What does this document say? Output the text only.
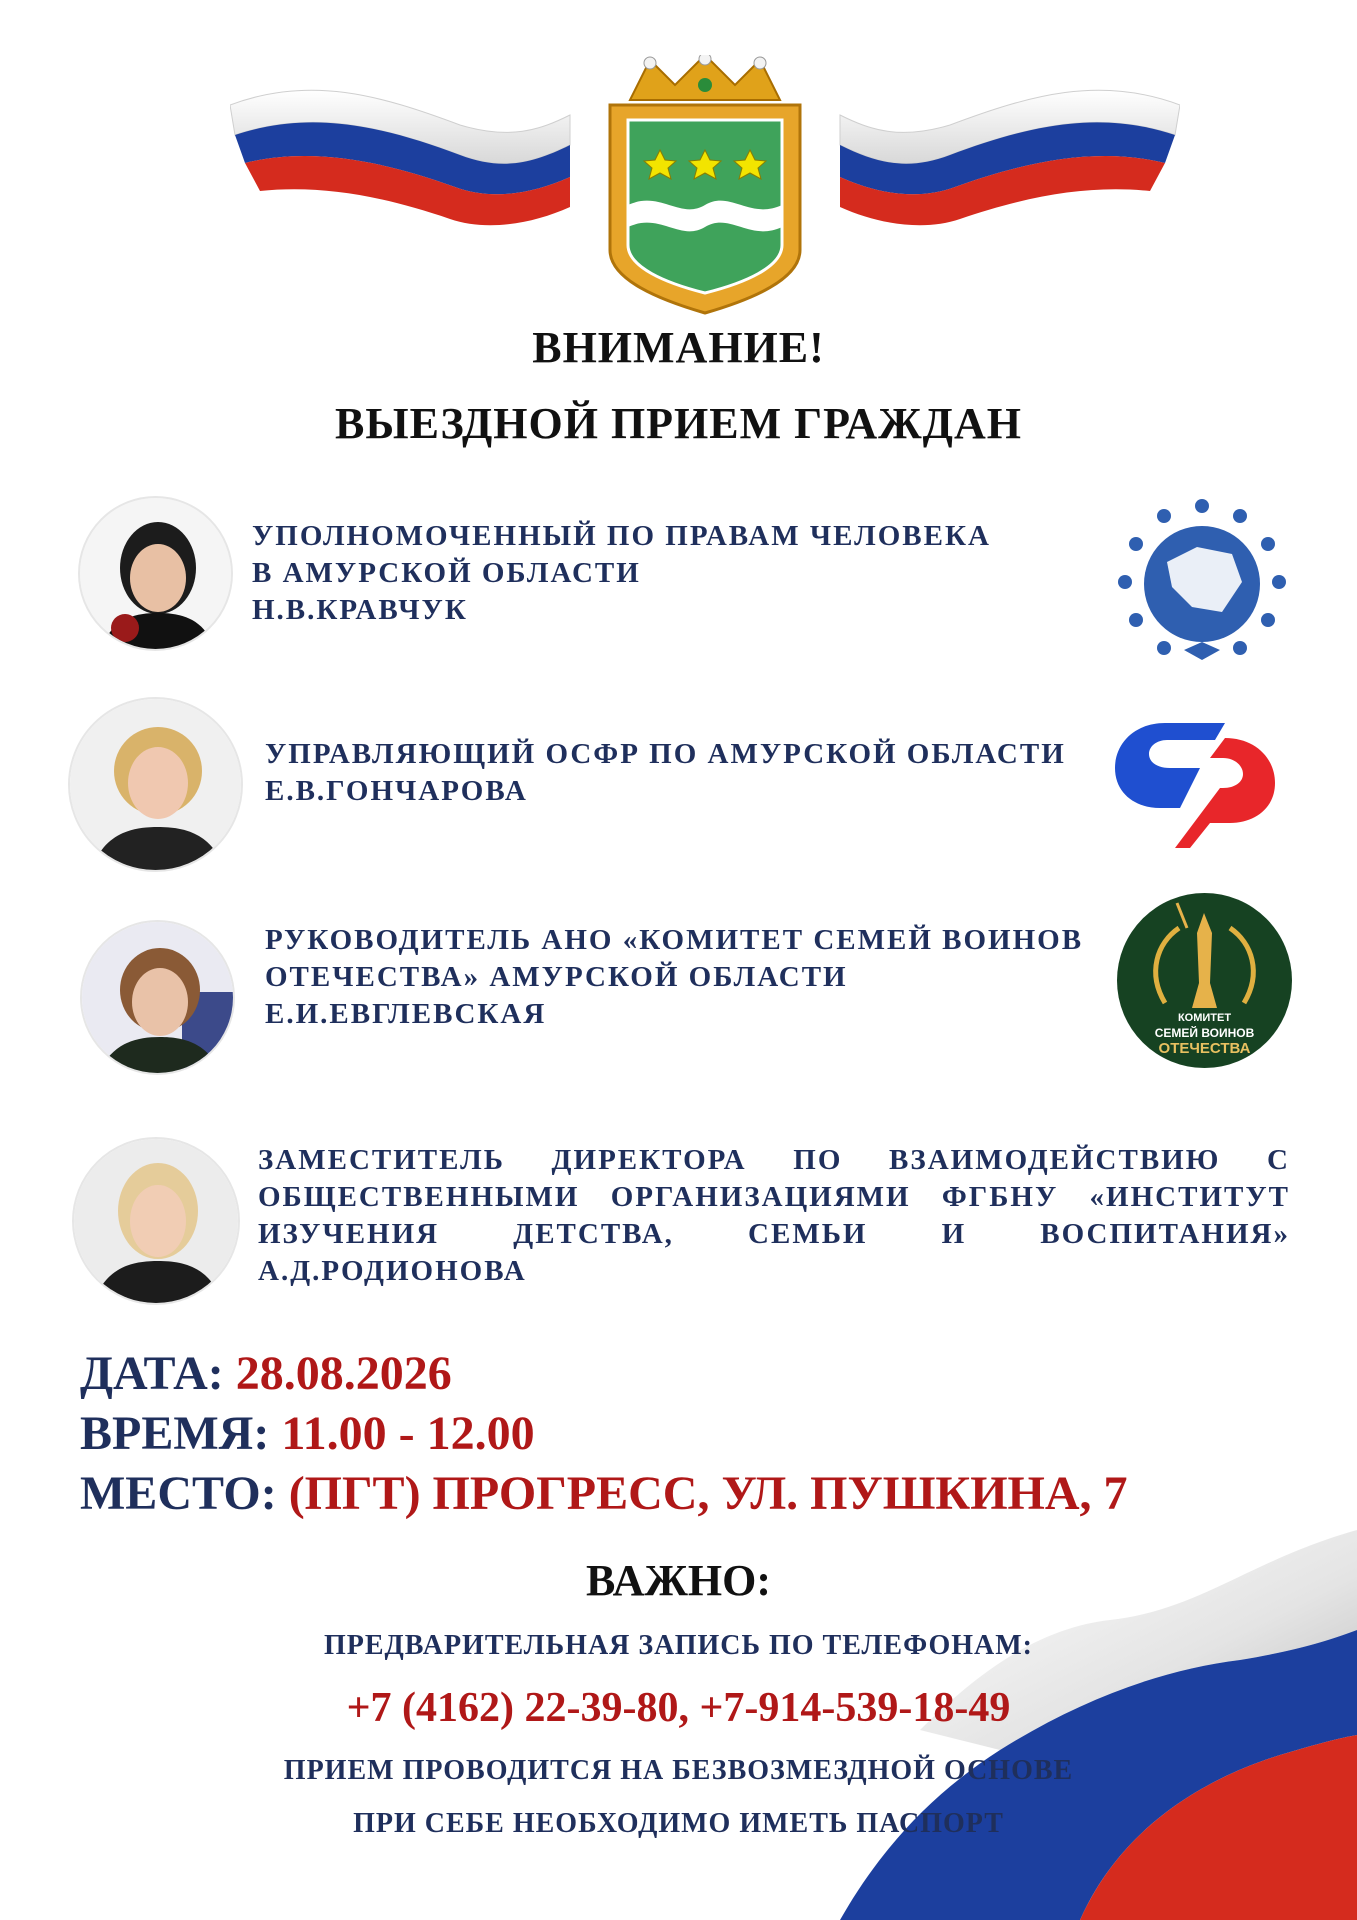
ВНИМАНИЕ!
ВЫЕЗДНОЙ ПРИЕМ ГРАЖДАН
УПОЛНОМОЧЕННЫЙ ПО ПРАВАМ ЧЕЛОВЕКА
В АМУРСКОЙ ОБЛАСТИ
Н.В.КРАВЧУК
УПРАВЛЯЮЩИЙ ОСФР ПО АМУРСКОЙ ОБЛАСТИ
Е.В.ГОНЧАРОВА
РУКОВОДИТЕЛЬ АНО «КОМИТЕТ СЕМЕЙ ВОИНОВ
ОТЕЧЕСТВА» АМУРСКОЙ ОБЛАСТИ
Е.И.ЕВГЛЕВСКАЯ	КОМИТЕТ
СЕМЕЙ ВОИНОВ
ОТЕЧЕСТВА
ЗАМЕСТИТЕЛЬ ДИРЕКТОРА ПО ВЗАИМОДЕЙСТВИЮ С ОБЩЕСТВЕННЫМИ ОРГАНИЗАЦИЯМИ ФГБНУ «ИНСТИТУТ ИЗУЧЕНИЯ ДЕТСТВА, СЕМЬИ И ВОСПИТАНИЯ»
А.Д.РОДИОНОВА
ДАТА: 28.08.2026
ВРЕМЯ: 11.00 - 12.00
МЕСТО: (ПГТ) ПРОГРЕСС, УЛ. ПУШКИНА, 7
ВАЖНО:
ПРЕДВАРИТЕЛЬНАЯ ЗАПИСЬ ПО ТЕЛЕФОНАМ:
+7 (4162) 22-39-80, +7-914-539-18-49
ПРИЕМ ПРОВОДИТСЯ НА БЕЗВОЗМЕЗДНОЙ ОСНОВЕ
ПРИ СЕБЕ НЕОБХОДИМО ИМЕТЬ ПАСПОРТ
